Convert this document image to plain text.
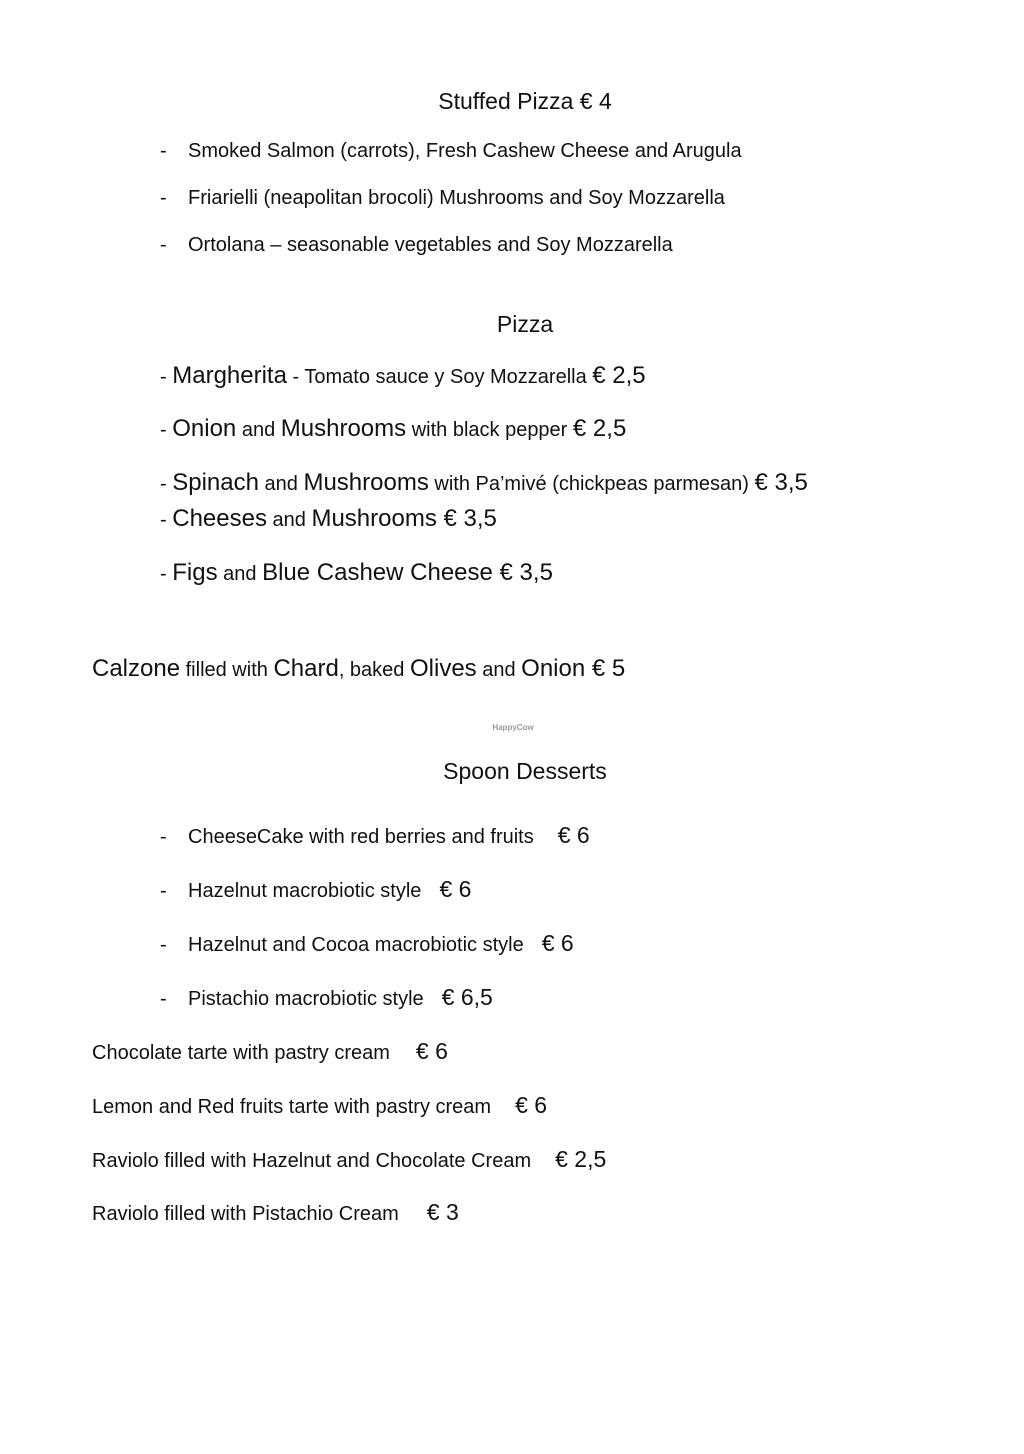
Stuffed Pizza € 4
- Smoked Salmon (carrots), Fresh Cashew Cheese and Arugula
- Friarielli (neapolitan brocoli) Mushrooms and Soy Mozzarella
- Ortolana – seasonable vegetables and Soy Mozzarella
Pizza
- Margherita - Tomato sauce y Soy Mozzarella € 2,5
- Onion and Mushrooms with black pepper € 2,5
- Spinach and Mushrooms with Pa’mivé (chickpeas parmesan) € 3,5
- Cheeses and Mushrooms € 3,5
- Figs and Blue Cashew Cheese € 3,5
Calzone filled with Chard, baked Olives and Onion € 5
HappyCow
Spoon Desserts
- CheeseCake with red berries and fruits € 6
- Hazelnut macrobiotic style € 6
- Hazelnut and Cocoa macrobiotic style € 6
- Pistachio macrobiotic style € 6,5
Chocolate tarte with pastry cream € 6
Lemon and Red fruits tarte with pastry cream € 6
Raviolo filled with Hazelnut and Chocolate Cream € 2,5
Raviolo filled with Pistachio Cream € 3
